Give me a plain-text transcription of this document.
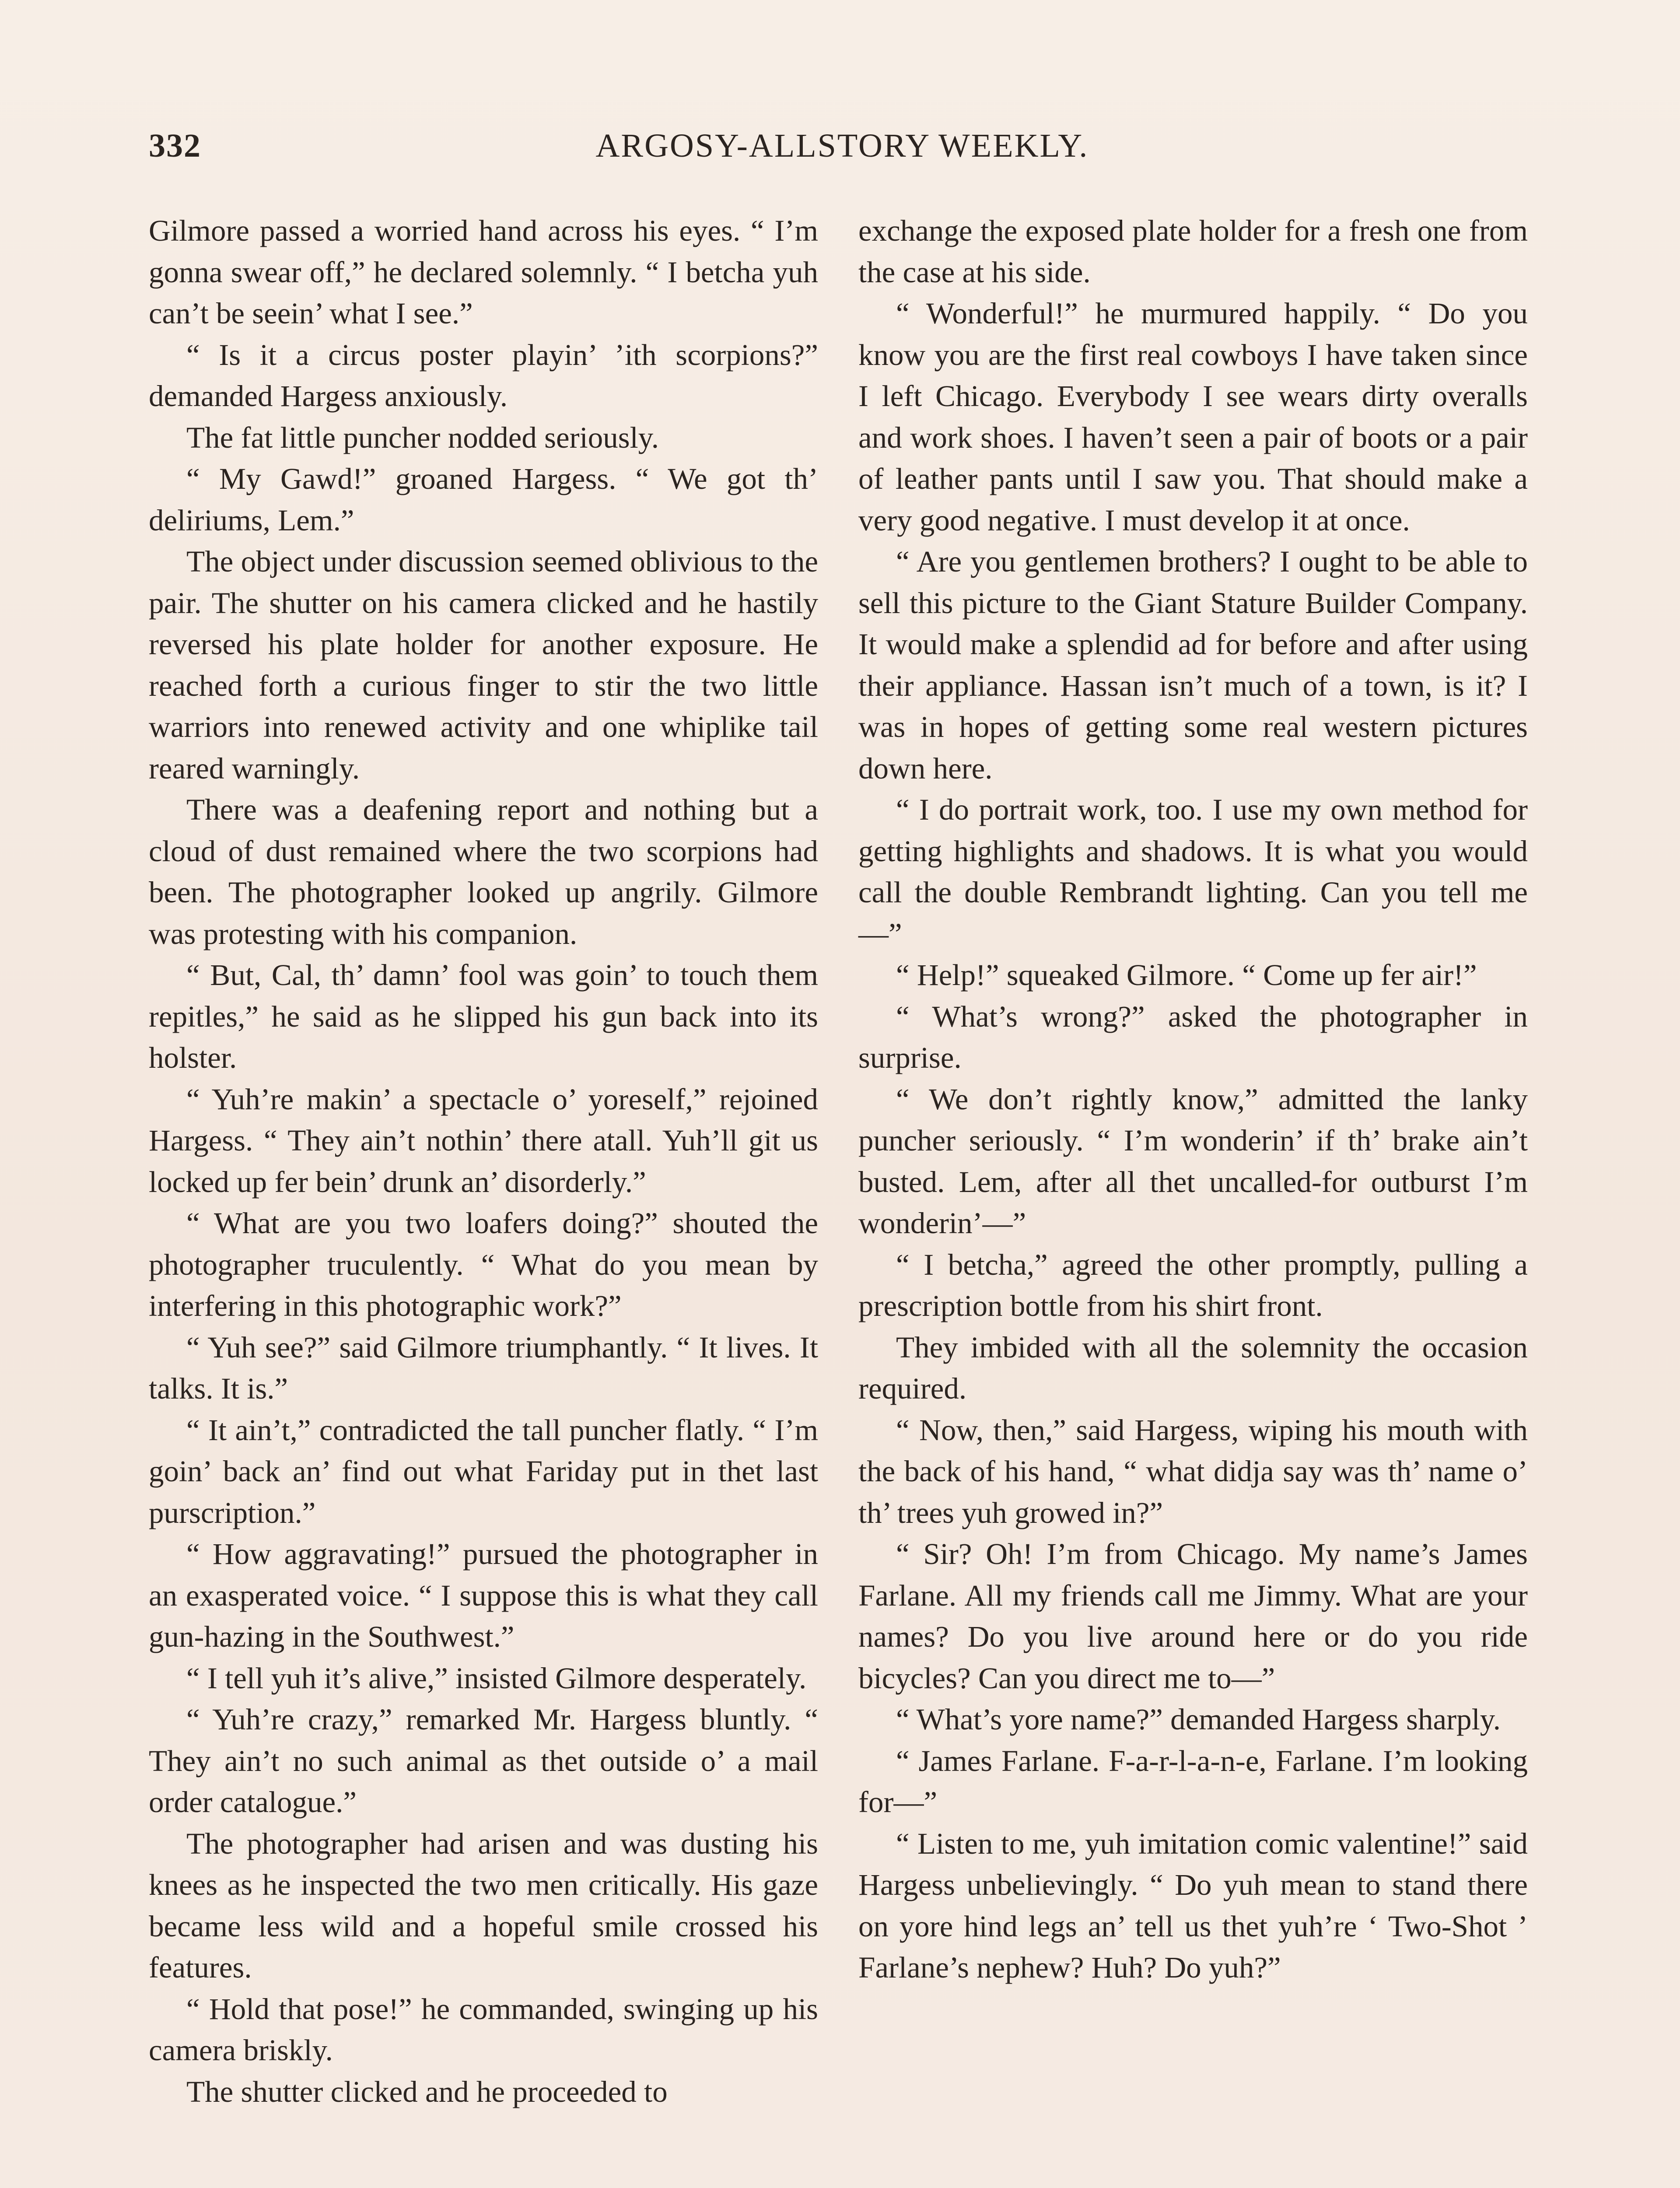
332	ARGOSY-ALLSTORY WEEKLY.

Gilmore passed a worried hand across his eyes. “ I’m gonna swear off,” he declared solemnly. “ I betcha yuh can’t be seein’ what I see.”

“ Is it a circus poster playin’ ’ith scorpions?” demanded Hargess anxiously.

The fat little puncher nodded seriously.

“ My Gawd!” groaned Hargess. “ We got th’ deliriums, Lem.”

The object under discussion seemed oblivious to the pair. The shutter on his camera clicked and he hastily reversed his plate holder for another exposure. He reached forth a curious finger to stir the two little warriors into renewed activity and one whiplike tail reared warningly.

There was a deafening report and nothing but a cloud of dust remained where the two scorpions had been. The photographer looked up angrily. Gilmore was protesting with his companion.

“ But, Cal, th’ damn’ fool was goin’ to touch them repitles,” he said as he slipped his gun back into its holster.

“ Yuh’re makin’ a spectacle o’ yoreself,” rejoined Hargess. “ They ain’t nothin’ there atall. Yuh’ll git us locked up fer bein’ drunk an’ disorderly.”

“ What are you two loafers doing?” shouted the photographer truculently. “ What do you mean by interfering in this photographic work?”

“ Yuh see?” said Gilmore triumphantly. “ It lives. It talks. It is.”

“ It ain’t,” contradicted the tall puncher flatly. “ I’m goin’ back an’ find out what Fariday put in thet last purscription.”

“ How aggravating!” pursued the photographer in an exasperated voice. “ I suppose this is what they call gun-hazing in the Southwest.”

“ I tell yuh it’s alive,” insisted Gilmore desperately.

“ Yuh’re crazy,” remarked Mr. Hargess bluntly. “ They ain’t no such animal as thet outside o’ a mail order catalogue.”

The photographer had arisen and was dusting his knees as he inspected the two men critically. His gaze became less wild and a hopeful smile crossed his features.

“ Hold that pose!” he commanded, swinging up his camera briskly.

The shutter clicked and he proceeded to

exchange the exposed plate holder for a fresh one from the case at his side.

“ Wonderful!” he murmured happily. “ Do you know you are the first real cowboys I have taken since I left Chicago. Everybody I see wears dirty overalls and work shoes. I haven’t seen a pair of boots or a pair of leather pants until I saw you. That should make a very good negative. I must develop it at once.

“ Are you gentlemen brothers? I ought to be able to sell this picture to the Giant Stature Builder Company. It would make a splendid ad for before and after using their appliance. Hassan isn’t much of a town, is it? I was in hopes of getting some real western pictures down here.

“ I do portrait work, too. I use my own method for getting highlights and shadows. It is what you would call the double Rembrandt lighting. Can you tell me—”

“ Help!” squeaked Gilmore. “ Come up fer air!”

“ What’s wrong?” asked the photographer in surprise.

“ We don’t rightly know,” admitted the lanky puncher seriously. “ I’m wonderin’ if th’ brake ain’t busted. Lem, after all thet uncalled-for outburst I’m wonderin’—”

“ I betcha,” agreed the other promptly, pulling a prescription bottle from his shirt front.

They imbided with all the solemnity the occasion required.

“ Now, then,” said Hargess, wiping his mouth with the back of his hand, “ what didja say was th’ name o’ th’ trees yuh growed in?”

“ Sir? Oh! I’m from Chicago. My name’s James Farlane. All my friends call me Jimmy. What are your names? Do you live around here or do you ride bicycles? Can you direct me to—”

“ What’s yore name?” demanded Hargess sharply.

“ James Farlane. F-a-r-l-a-n-e, Farlane. I’m looking for—”

“ Listen to me, yuh imitation comic valentine!” said Hargess unbelievingly. “ Do yuh mean to stand there on yore hind legs an’ tell us thet yuh’re ‘ Two-Shot ’ Farlane’s nephew? Huh? Do yuh?”
